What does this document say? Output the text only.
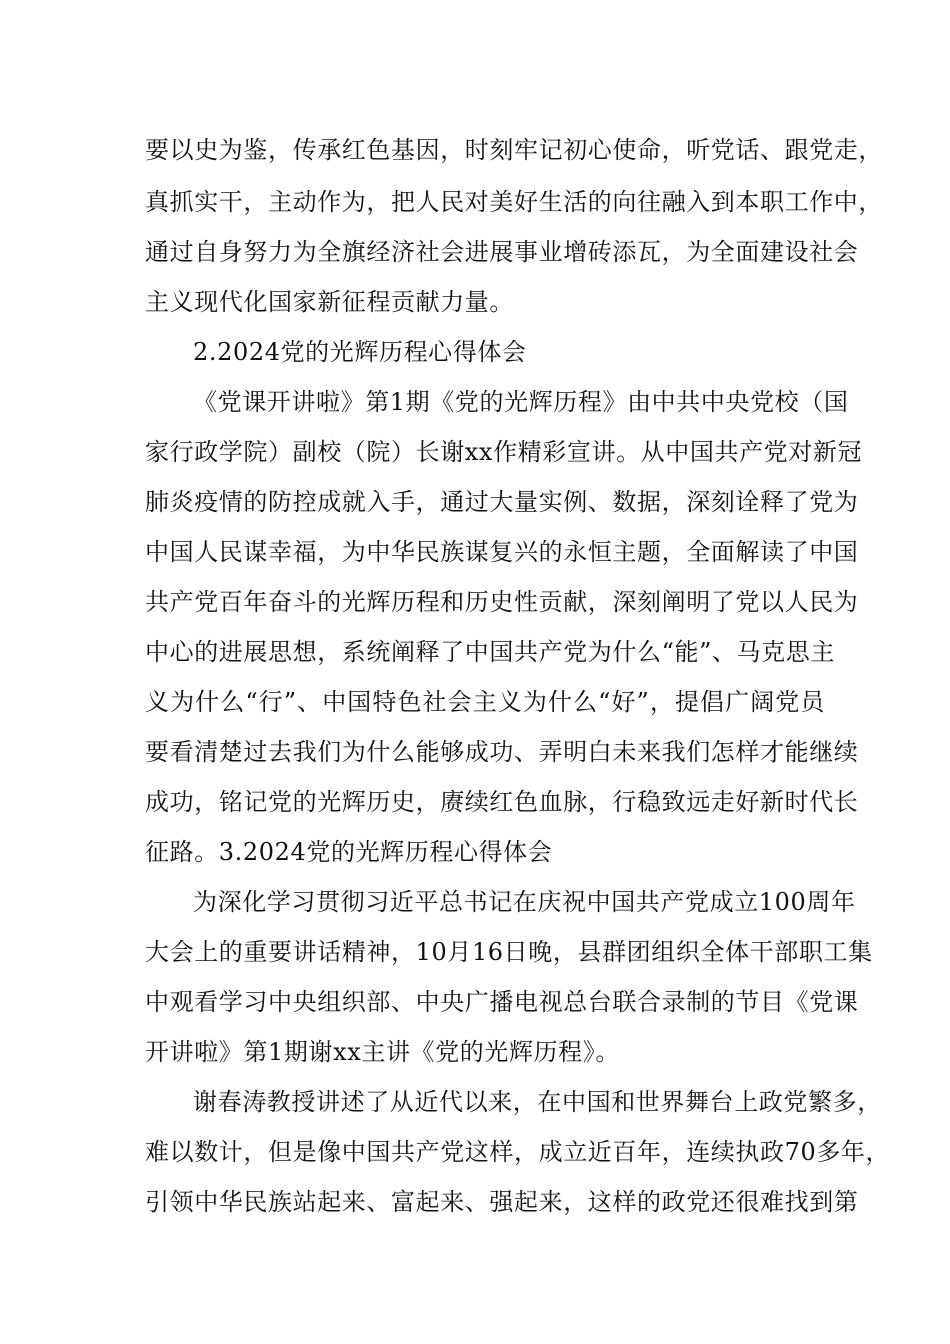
要以史为鉴，传承红色基因，时刻牢记初心使命，听党话、跟党走，
真抓实干，主动作为，把人民对美好生活的向往融入到本职工作中，
通过自身努力为全旗经济社会进展事业增砖添瓦，为全面建设社会
主义现代化国家新征程贡献力量。
2.2024党的光辉历程心得体会
《党课开讲啦》第1期《党的光辉历程》由中共中央党校（国
家行政学院）副校（院）长谢xx作精彩宣讲。从中国共产党对新冠
肺炎疫情的防控成就入手，通过大量实例、数据，深刻诠释了党为
中国人民谋幸福，为中华民族谋复兴的永恒主题，全面解读了中国
共产党百年奋斗的光辉历程和历史性贡献，深刻阐明了党以人民为
中心的进展思想，系统阐释了中国共产党为什么“能”、马克思主
义为什么“行”、中国特色社会主义为什么“好”，提倡广阔党员
要看清楚过去我们为什么能够成功、弄明白未来我们怎样才能继续
成功，铭记党的光辉历史，赓续红色血脉，行稳致远走好新时代长
征路。3.2024党的光辉历程心得体会
为深化学习贯彻习近平总书记在庆祝中国共产党成立100周年
大会上的重要讲话精神，10月16日晚，县群团组织全体干部职工集
中观看学习中央组织部、中央广播电视总台联合录制的节目《党课
开讲啦》第1期谢xx主讲《党的光辉历程》。
谢春涛教授讲述了从近代以来，在中国和世界舞台上政党繁多，
难以数计，但是像中国共产党这样，成立近百年，连续执政70多年，
引领中华民族站起来、富起来、强起来，这样的政党还很难找到第
